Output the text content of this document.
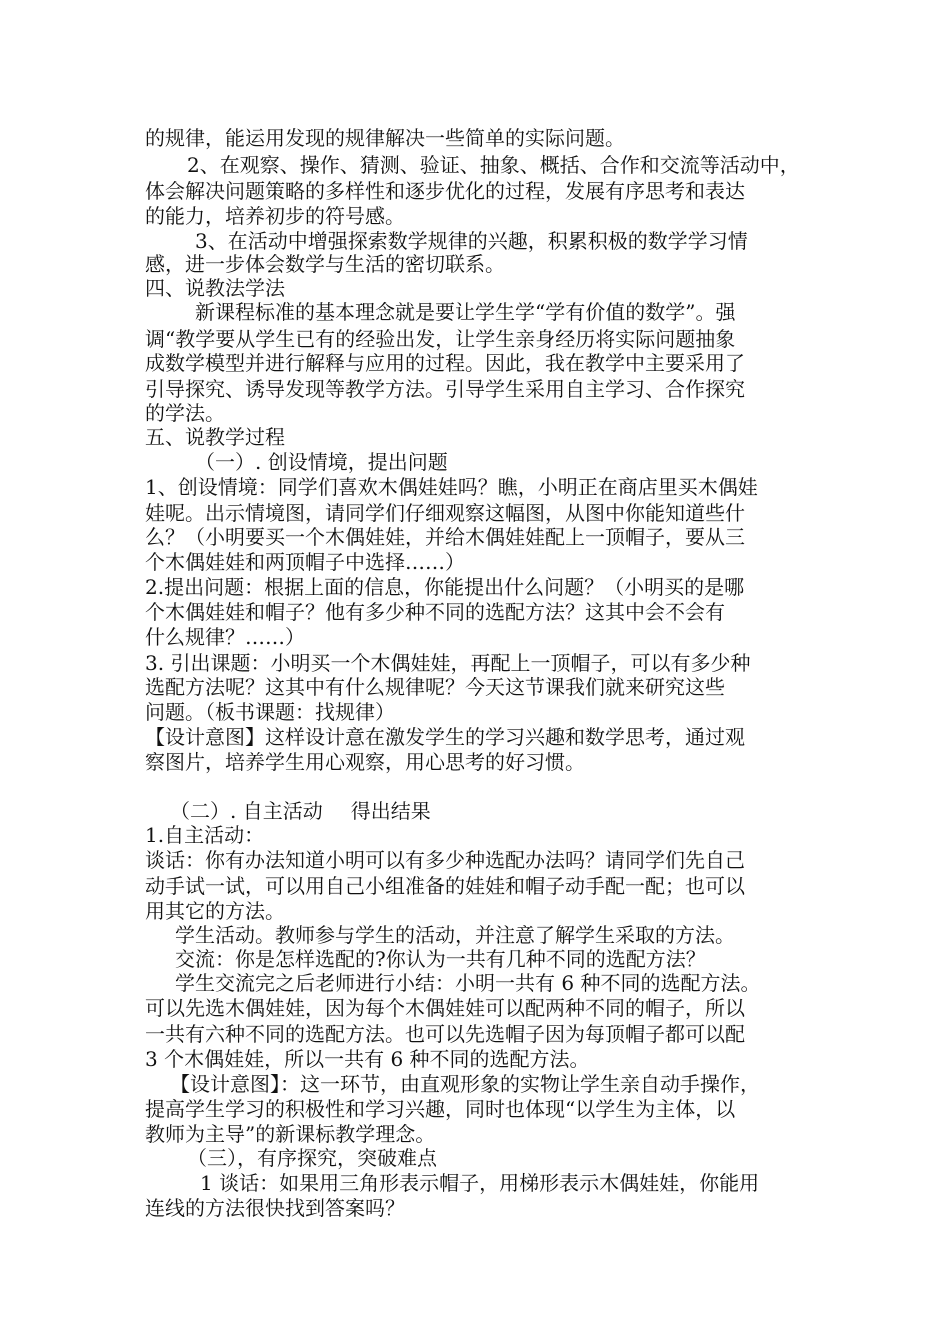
的规律，能运用发现的规律解决一些简单的实际问题。
2、在观察、操作、猜测、验证、抽象、概括、合作和交流等活动中，
体会解决问题策略的多样性和逐步优化的过程，发展有序思考和表达
的能力，培养初步的符号感。
3、在活动中增强探索数学规律的兴趣，积累积极的数学学习情
感，进一步体会数学与生活的密切联系。
四、说教法学法
新课程标准的基本理念就是要让学生学“学有价值的数学”。强
调“教学要从学生已有的经验出发，让学生亲身经历将实际问题抽象
成数学模型并进行解释与应用的过程。因此，我在教学中主要采用了
引导探究、诱导发现等教学方法。引导学生采用自主学习、合作探究
的学法。
五、说教学过程
（一）. 创设情境，提出问题
1、创设情境：同学们喜欢木偶娃娃吗？瞧，小明正在商店里买木偶娃
娃呢。出示情境图，请同学们仔细观察这幅图，从图中你能知道些什
么？（小明要买一个木偶娃娃，并给木偶娃娃配上一顶帽子，要从三
个木偶娃娃和两顶帽子中选择……）
2.提出问题：根据上面的信息，你能提出什么问题？（小明买的是哪
个木偶娃娃和帽子？他有多少种不同的选配方法？这其中会不会有
什么规律？……）
3. 引出课题：小明买一个木偶娃娃，再配上一顶帽子，可以有多少种
选配方法呢？这其中有什么规律呢？今天这节课我们就来研究这些
问题。（板书课题：找规律）
【设计意图】这样设计意在激发学生的学习兴趣和数学思考，通过观
察图片，培养学生用心观察，用心思考的好习惯。
（二）. 自主活动 得出结果
1.自主活动：
谈话：你有办法知道小明可以有多少种选配办法吗？请同学们先自己
动手试一试，可以用自己小组准备的娃娃和帽子动手配一配；也可以
用其它的方法。
学生活动。教师参与学生的活动，并注意了解学生采取的方法。
交流：你是怎样选配的?你认为一共有几种不同的选配方法？
学生交流完之后老师进行小结：小明一共有 6 种不同的选配方法。
可以先选木偶娃娃，因为每个木偶娃娃可以配两种不同的帽子，所以
一共有六种不同的选配方法。也可以先选帽子因为每顶帽子都可以配
3 个木偶娃娃，所以一共有 6 种不同的选配方法。
【设计意图】：这一环节，由直观形象的实物让学生亲自动手操作，
提高学生学习的积极性和学习兴趣，同时也体现“以学生为主体，以
教师为主导”的新课标教学理念。
（三），有序探究，突破难点
1 谈话：如果用三角形表示帽子，用梯形表示木偶娃娃，你能用
连线的方法很快找到答案吗？
